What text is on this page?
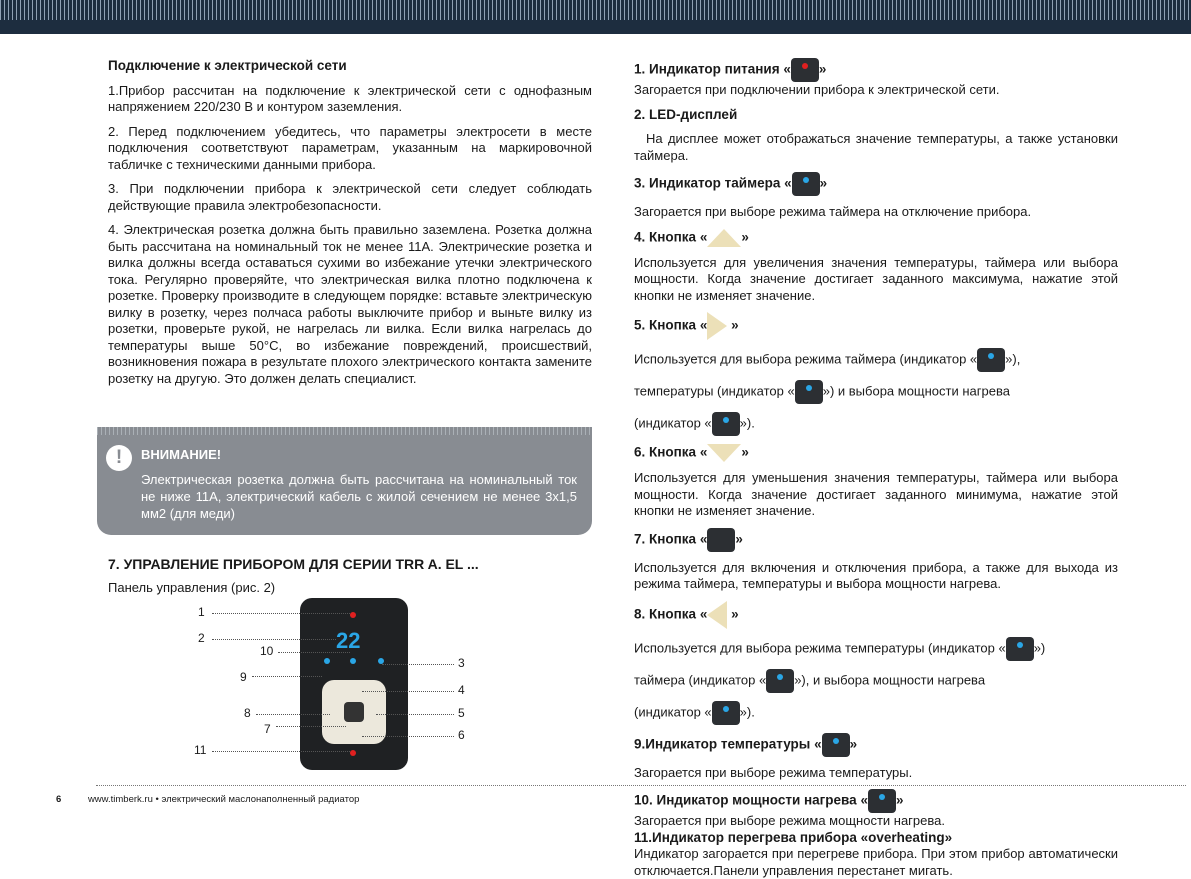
Подключение к электрической сети

1.Прибор рассчитан на подключение к электрической сети с однофазным напряжением 220/230 В и контуром заземления.

2. Перед подключением убедитесь, что параметры электросети в месте подключения соответствуют параметрам, указанным на маркировочной табличке с техническими данными прибора.

3. При подключении прибора к электрической сети следует соблюдать действующие правила электробезопасности.

4. Электрическая розетка должна быть правильно заземлена. Розетка должна быть рассчитана на номинальный ток не менее 11А. Электрические розетка и вилка должны всегда оставаться сухими во избежание утечки электрического тока. Регулярно проверяйте, что электрическая вилка плотно подключена к розетке. Проверку производите в следующем порядке: вставьте электрическую вилку в розетку, через полчаса работы выключите прибор и выньте вилку из розетки, проверьте рукой, не нагрелась ли вилка. Если вилка нагрелась до температуры выше 50°С, во избежание повреждений, происшествий, возникновения пожара в результате плохого электрического контакта замените розетку на другую. Это должен делать специалист.

!	ВНИМАНИЕ!
Электрическая розетка должна быть рассчитана на номинальный ток не ниже 11А, электрический кабель с жилой сечением не менее 3х1,5 мм2 (для меди)
7. УПРАВЛЕНИЕ ПРИБОРОМ ДЛЯ СЕРИИ TRR A. EL ...
Панель управления (рис. 2)
22
1
2
3
4
5
6
7
8
9
10
11

1. Индикатор питания « »

Загорается при подключении прибора к электрической сети.

2. LED-дисплей

На дисплее может отображаться значение температуры, а также установки таймера.

3. Индикатор таймера « »

Загорается при выборе режима таймера на отключение прибора.

4. Кнопка «	»

Используется для увеличения значения температуры, таймера или выбора мощности. Когда значение достигает заданного максимума, нажатие этой кнопки не изменяет значение.

5. Кнопка « »

Используется для выбора режима таймера (индикатор « »),

температуры (индикатор « ») и выбора мощности нагрева

(индикатор « »).

6. Кнопка «	»

Используется для уменьшения значения температуры, таймера или выбора мощности. Когда значение достигает заданного минимума, нажатие этой кнопки не изменяет значение.

7. Кнопка « »

Используется для включения и отключения прибора, а также для выхода из режима таймера, температуры и выбора мощности нагрева.

8. Кнопка « »

Используется для выбора режима температуры (индикатор « »)

таймера (индикатор « »), и выбора мощности нагрева

(индикатор « »).

9.Индикатор температуры « »

Загорается при выборе режима температуры.

10. Индикатор мощности нагрева « »

Загорается при выборе режима мощности нагрева.

11.Индикатор перегрева прибора «overheating»

Индикатор загорается при перегреве прибора. При этом прибор автоматически отключается.Панели управления перестанет мигать.

6	www.timberk.ru • электрический маслонаполненный радиатор
